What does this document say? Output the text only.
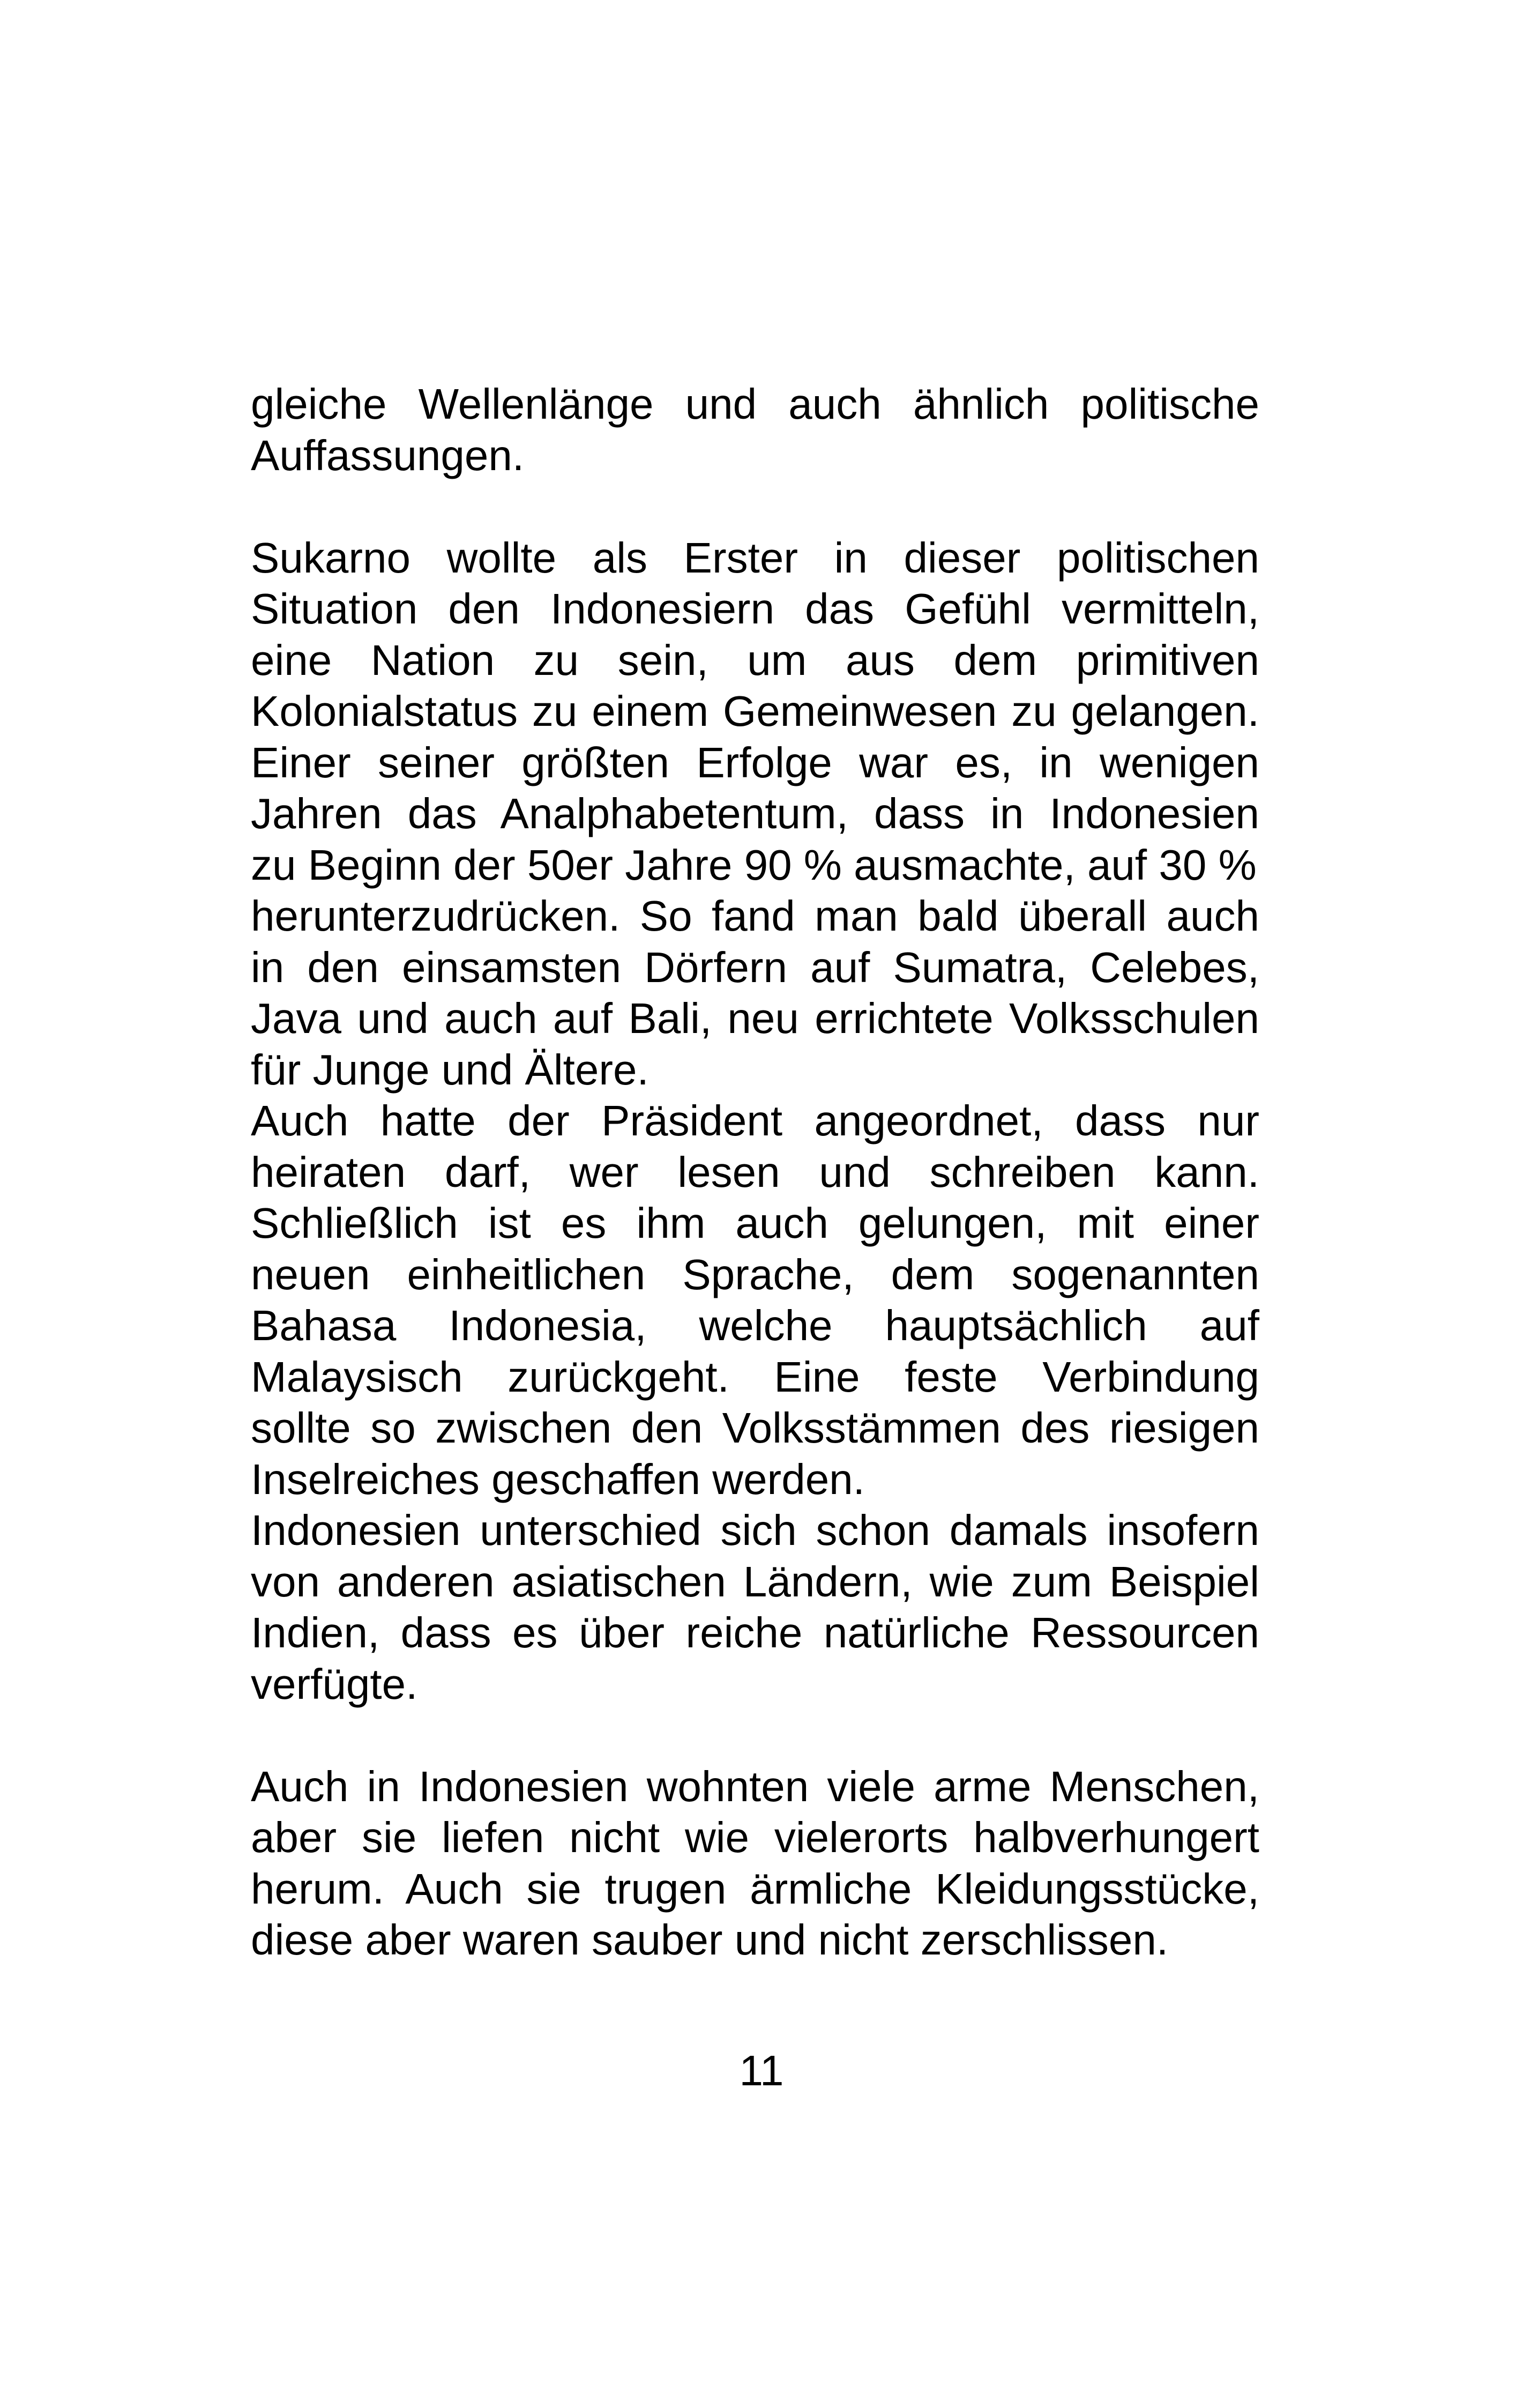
gleiche Wellenlänge und auch ähnlich politische
Auffassungen.
Sukarno wollte als Erster in dieser politischen
Situation den Indonesiern das Gefühl vermitteln,
eine Nation zu sein, um aus dem primitiven
Kolonialstatus zu einem Gemeinwesen zu gelangen.
Einer seiner größten Erfolge war es, in wenigen
Jahren das Analphabetentum, dass in Indonesien
zu Beginn der 50er Jahre 90 % ausmachte, auf 30 %
herunterzudrücken. So fand man bald überall auch
in den einsamsten Dörfern auf Sumatra, Celebes,
Java und auch auf Bali, neu errichtete Volksschulen
für Junge und Ältere.
Auch hatte der Präsident angeordnet, dass nur
heiraten darf, wer lesen und schreiben kann.
Schließlich ist es ihm auch gelungen, mit einer
neuen einheitlichen Sprache, dem sogenannten
Bahasa Indonesia, welche hauptsächlich auf
Malaysisch zurückgeht. Eine feste Verbindung
sollte so zwischen den Volksstämmen des riesigen
Inselreiches geschaffen werden.
Indonesien unterschied sich schon damals insofern
von anderen asiatischen Ländern, wie zum Beispiel
Indien, dass es über reiche natürliche Ressourcen
verfügte.
Auch in Indonesien wohnten viele arme Menschen,
aber sie liefen nicht wie vielerorts halbverhungert
herum. Auch sie trugen ärmliche Kleidungsstücke,
diese aber waren sauber und nicht zerschlissen.
11
